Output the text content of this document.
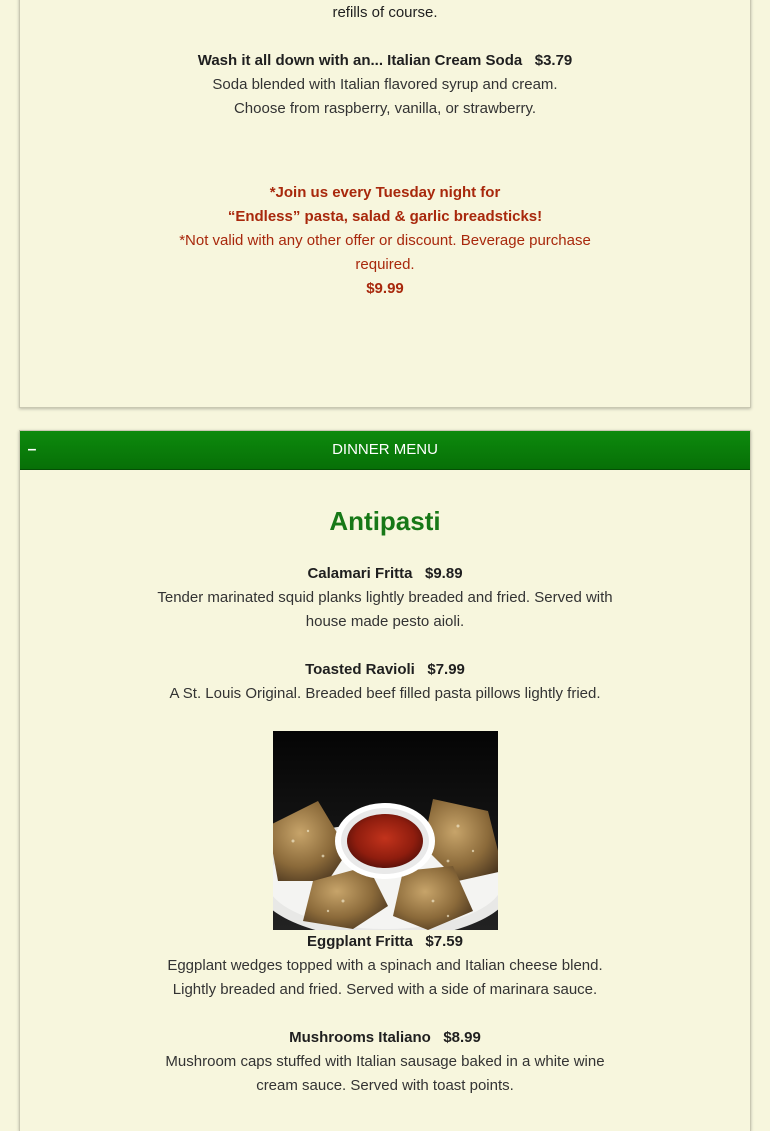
refills of course.
Wash it all down with an... Italian Cream Soda $3.79
Soda blended with Italian flavored syrup and cream.
Choose from raspberry, vanilla, or strawberry.
*Join us every Tuesday night for
“Endless” pasta, salad & garlic breadsticks!
*Not valid with any other offer or discount. Beverage purchase
required.
$9.99
–	DINNER MENU
Antipasti
Calamari Fritta $9.89
Tender marinated squid planks lightly breaded and fried. Served with
house made pesto aioli.
Toasted Ravioli $7.99
A St. Louis Original. Breaded beef filled pasta pillows lightly fried.
Eggplant Fritta $7.59
Eggplant wedges topped with a spinach and Italian cheese blend.
Lightly breaded and fried. Served with a side of marinara sauce.
Mushrooms Italiano $8.99
Mushroom caps stuffed with Italian sausage baked in a white wine
cream sauce. Served with toast points.
